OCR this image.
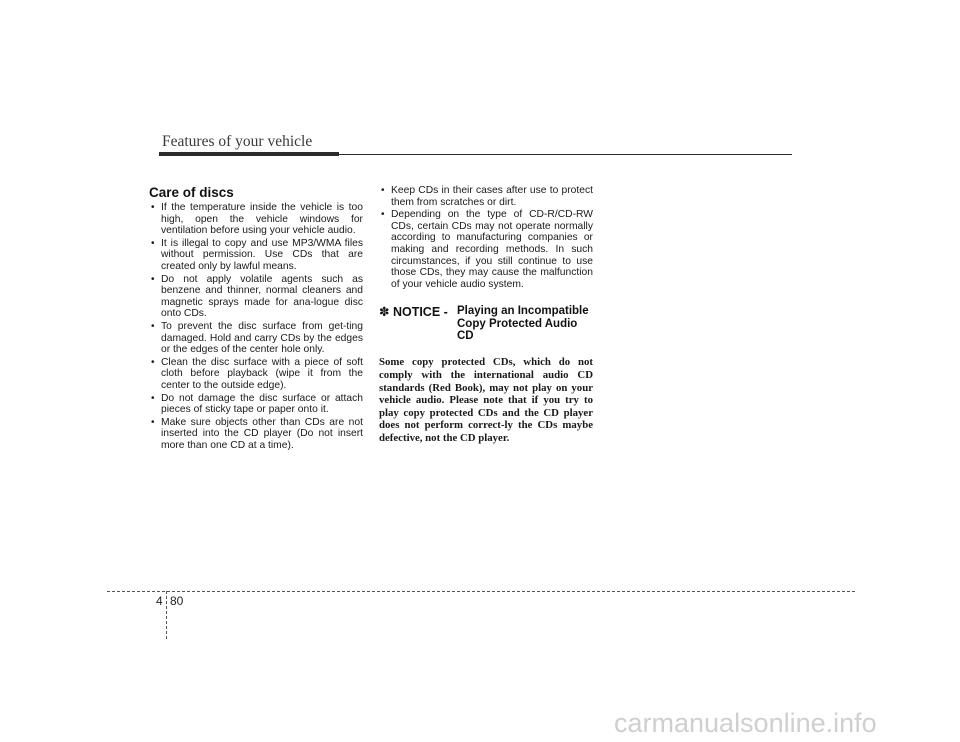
Features of your vehicle
Care of discs
• If the temperature inside the vehicle is too high, open the vehicle windows for ventilation before using your vehicle audio.
• It is illegal to copy and use MP3/WMA files without permission. Use CDs that are created only by lawful means.
• Do not apply volatile agents such as benzene and thinner, normal cleaners and magnetic sprays made for ana-logue disc onto CDs.
• To prevent the disc surface from get-ting damaged. Hold and carry CDs by the edges or the edges of the center hole only.
• Clean the disc surface with a piece of soft cloth before playback (wipe it from the center to the outside edge).
• Do not damage the disc surface or attach pieces of sticky tape or paper onto it.
• Make sure objects other than CDs are not inserted into the CD player (Do not insert more than one CD at a time).
• Keep CDs in their cases after use to protect them from scratches or dirt.
• Depending on the type of CD-R/CD-RW CDs, certain CDs may not operate normally according to manufacturing companies or making and recording methods. In such circumstances, if you still continue to use those CDs, they may cause the malfunction of your vehicle audio system.
✽ NOTICE - Playing an Incompatible Copy Protected Audio CD
Some copy protected CDs, which do not comply with the international audio CD standards (Red Book), may not play on your vehicle audio. Please note that if you try to play copy protected CDs and the CD player does not perform correct-ly the CDs maybe defective, not the CD player.
4 80
carmanualsonline.info
